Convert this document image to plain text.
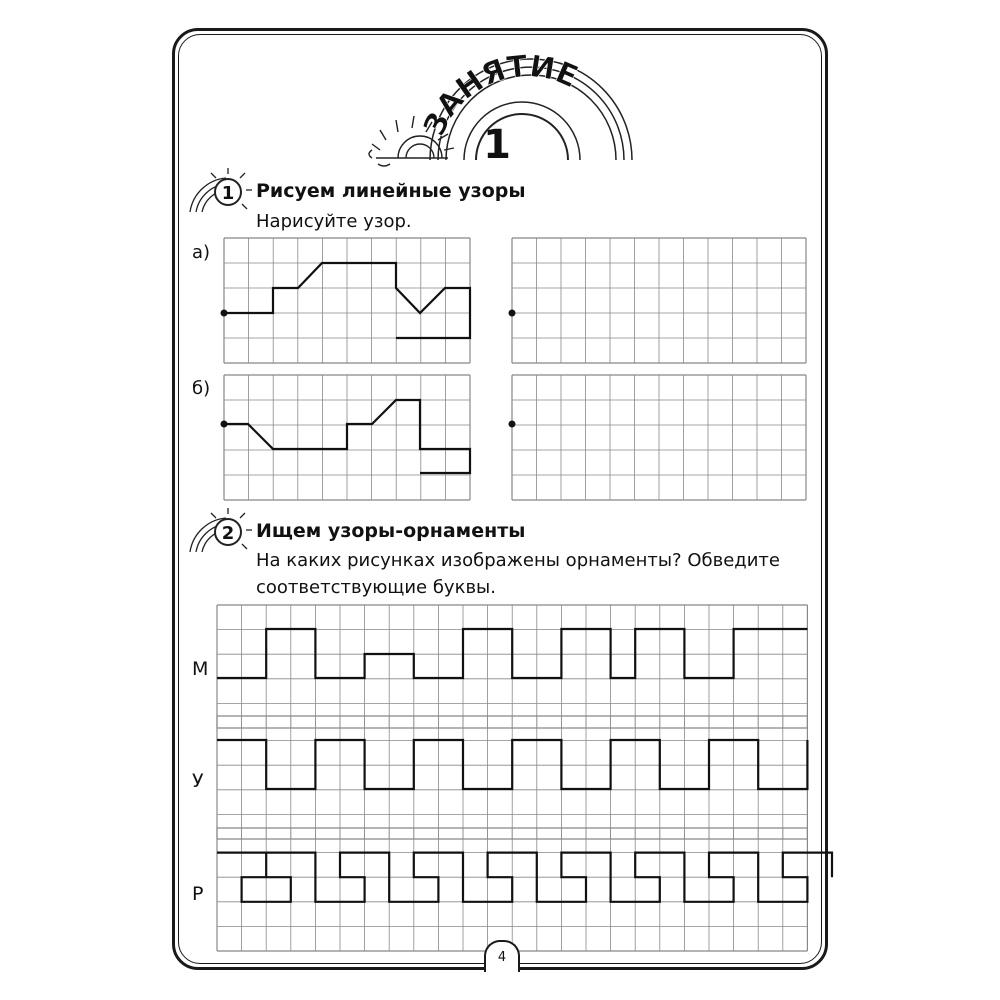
ЗАНЯТИЕ
1
1
2
Рисуем линейные узоры
Нарисуйте узор.
а)
б)
Ищем узоры-орнаменты
На каких рисунках изображены орнаменты? Обведите
соответствующие буквы.
М
У
Р
4
